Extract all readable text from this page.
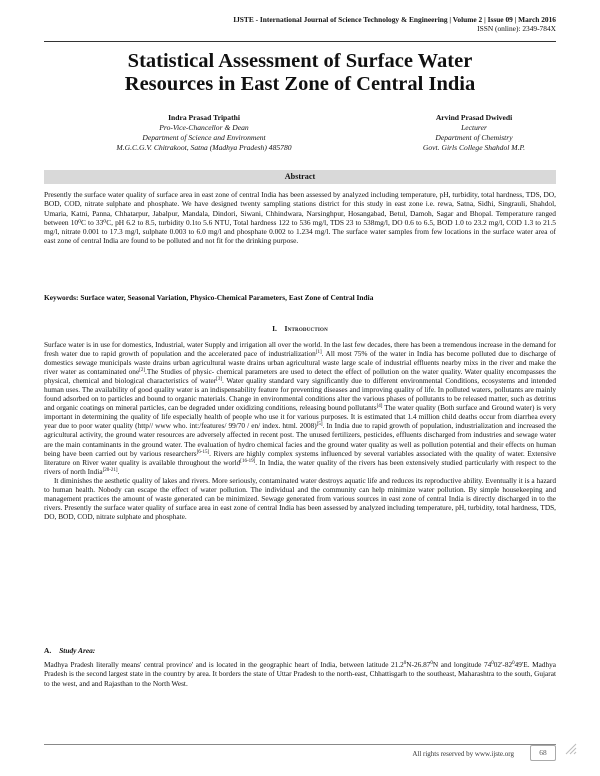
IJSTE - International Journal of Science Technology & Engineering | Volume 2 | Issue 09 | March 2016
ISSN (online): 2349-784X
Statistical Assessment of Surface Water
Resources in East Zone of Central India
Indra Prasad Tripathi
Pro-Vice-Chancellor & Dean
Department of Science and Environment
M.G.C.G.V. Chitrakoot, Satna (Madhya Pradesh) 485780
Arvind Prasad Dwivedi
Lecturer
Department of Chemistry
Govt. Girls College Shahdol M.P.
Abstract

Presently the surface water quality of surface area in east zone of central India has been assessed by analyzed including temperature, pH, turbidity, total hardness, TDS, DO, BOD, COD, nitrate sulphate and phosphate. We have designed twenty sampling stations district for this study in east zone i.e. rewa, Satna, Sidhi, Singrauli, Shahdol, Umaria, Katni, Panna, Chhatarpur, Jabalpur, Mandala, Dindori, Siwani, Chhindwara, Narsinghpur, Hosangabad, Betul, Damoh, Sagar and Bhopal. Temperature ranged between 10⁰C to 33⁰C, pH 6.2 to 8.5, turbidity 0.1to 5.6 NTU, Total hardness 122 to 536 mg/l, TDS 23 to 538mg/l, DO 0.6 to 6.5, BOD 1.0 to 23.2 mg/l, COD 1.3 to 21.5 mg/l, nitrate 0.001 to 17.3 mg/l, sulphate 0.003 to 6.0 mg/l and phosphate 0.002 to 1.234 mg/l. The surface water samples from few locations in the surface water area of east zone of central India are found to be polluted and not fit for the drinking purpose.

Keywords: Surface water, Seasonal Variation, Physico-Chemical Parameters, East Zone of Central India

I. Introduction

Surface water is in use for domestics, Industrial, water Supply and irrigation all over the world. In the last few decades, there has been a tremendous increase in the demand for fresh water due to rapid growth of population and the accelerated pace of industrialization[1]. All most 75% of the water in India has become polluted due to discharge of domestics sewage municipals waste drains urban agricultural waste drains urban agricultural waste large scale of industrial effluents nearby mixs in the river and make the river water as contaminated one[2].The Studies of physic- chemical parameters are used to detect the effect of pollution on the water quality. Water quality encompasses the physical, chemical and biological characteristics of water[3]. Water quality standard vary significantly due to different environmental Conditions, ecosystems and intended human uses. The availability of good quality water is an indispensability feature for preventing diseases and improving quality of life. In polluted waters, pollutants are mainly found adsorbed on to particles and bound to organic materials. Change in environmental conditions alter the various phases of pollutants to be released matter, such as detritus and organic coatings on mineral particles, can be degraded under oxidizing conditions, releasing bound pollutants[4] The water quality (Both surface and Ground water) is very important in determining the quality of life especially health of people who use it for various purposes. It is estimated that 1.4 million child deaths occur from diarrhea every year due to poor water quality (http// www who. int:/features/ 99/70 / en/ index. html. 2008)[5]. In India due to rapid growth of population, industrialization and increased the agricultural activity, the ground water resources are adversely affected in recent post. The unused fertilizers, pesticides, effluents discharged from industries and sewage water are the main contaminants in the ground water. The evaluation of hydro chemical facies and the ground water quality as well as pollution potential and their effects on human being have been carried out by various researchers[6-15]. Rivers are highly complex systems influenced by several variables associated with the quality of water. Extensive literature on River water quality is available throughout the world[16-19]. In India, the water quality of the rivers has been extensively studied particularly with respect to the rivers of north India[20-21].

It diminishes the aesthetic quality of lakes and rivers. More seriously, contaminated water destroys aquatic life and reduces its reproductive ability. Eventually it is a hazard to human health. Nobody can escape the effect of water pollution. The individual and the community can help minimize water pollution. By simple housekeeping and management practices the amount of waste generated can be minimized. Sewage generated from various sources in east zone of central India is directly discharged in to the rivers. Presently the surface water quality of surface area in east zone of central India has been assessed by analyzed including temperature, pH, turbidity, total hardness, TDS, DO, BOD, COD, nitrate sulphate and phosphate.

A. Study Area:

Madhya Pradesh literally means' central province' and is located in the geographic heart of India, between latitude 21.2$^0$N-26.87$^0$N and longitude $74^002'-82^049'E$. Madhya Pradesh is the second largest state in the country by area. It borders the state of Uttar Pradesh to the north-east, Chhattisgarh to the southeast, Maharashtra to the south, Gujarat to the west, and and Rajasthan to the North West.

All rights reserved by www.ijste.org	68
